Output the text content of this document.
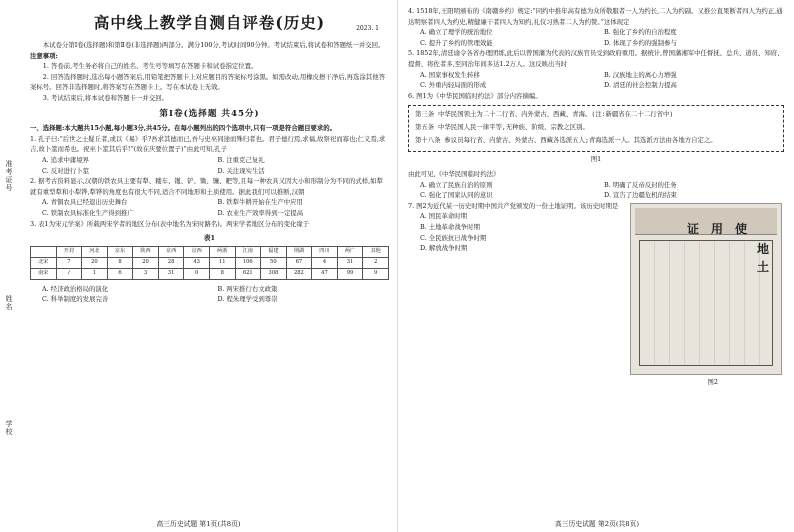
准考证号
姓名
学校
高中线上教学自测自评卷(历史)	2023. 1

本试卷分第Ⅰ卷(选择题)和第Ⅱ卷(非选择题)两部分。满分100分,考试时间90分钟。考试结束后,将试卷和答题纸一并交回。

注意事项:

1. 答卷前,考生务必将自己的姓名、考生号等填写在答题卡和试卷指定位置。

2. 回答选择题时,选出每小题答案后,用铅笔把答题卡上对应题目的答案标号涂黑。如需改动,用橡皮擦干净后,再选涂其他答案标号。回答非选择题时,将答案写在答题卡上。写在本试卷上无效。

3. 考试结束后,将本试卷和答题卡一并交回。

第Ⅰ卷(选择题 共45分)

一、选择题:本大题共15小题,每小题3分,共45分。在每小题列出的四个选项中,只有一项是符合题目要求的。

1. 孔子曰:“后世之士疑丘者,或以《易》乎?吾求其德而已,吾与史巫同途而殊归者也。君子德行焉,求福,故祭祀而寡也;仁义焉,求吉,故卜筮而希也。祝巫卜筮其后乎!”(故在庆要位置子)”由此可知,孔子

A. 追求中庸境界	B. 注重克己复礼

C. 反对进行卜筮	D. 关注现实生活

2. 据考古资料显示,汉朝的铁农具主要有犁、耧车、镬、铲、锄、镰、耙等,且每一种农具又因大小和形制分为不同的式样,如犁就有重型犁和小犁铧,犁铧的角度也有很大不同,适合不同地形和土质使用。据此我们可以推断,汉朝

A. 青铜农具已经退出历史舞台	B. 铁犁牛耕开始在生产中应用

C. 铁制农具标准化生产得到推广	D. 农业生产效率得到一定提高

3. 表1为宋元学案》所载两宋学者的地区分布(表中地名为宋时路名)。两宋学者地区分布的变化缘于

表1
	开封	河北	京东	陕西	京西	京西	两浙	江南	福建	荆湖	四川	两广	其他
北宋	7	20	8	20	28	43	11	106	50	67	4	31	2
南宋	/	1	6	3	31	0	8	621	308	282	47	99	9

A. 经济政治格局的演化	B. 两宋推行右文政策

C. 科举制度的发展完善	D. 程朱理学受到尊崇

高三历史试题 第1页(共8页)

4. 1518年,王阳明颁布的《南赣乡约》规定:“同约中推年高有德为众所敬服者一人为约长,二人为约副。又推公直果断者四人为约正,通达明察者四人为约史,精健廉干者四人为知约,礼仪习熟者二人为约赞。”这体现定

A. 确立了理学的统治地位	B. 强化了乡约的自治程度

C. 提升了乡约的管理效能	D. 体现了乡约的强制参与

5. 1852年,清廷谕令各省办理团练,此后以曾国藩为代表的汉族官员受到政府重用。据统计,曾国藩湘军中任督抚、总兵、道员、知府、提督、将佐者多,至同治年间多达1.2万人。这反映出当时

A. 国家事权发生转移	B. 汉族地主的离心力增强

C. 外重内轻局面的形成	D. 清廷的社会控制力提高

6. 图1为《中华民国临时约法》部分内容摘编。

第三条 中华民国领土为二十二行省、内外蒙古、西藏、青海。(注:新疆省在二十二行省中)

第五条 中华民国人民一律平等,无种族、阶级、宗教之区别。

第十八条 参议员每行省、内蒙古、外蒙古、西藏各选派五人;青海选派一人。其选派方法由各地方自定之。

图1

由此可见,《中华民国临时约法》

A. 确立了民族自治的原则	B. 明确了反帝反封的任务

C. 强化了国家认同的意识	D. 宣告了边疆危机的结束

7. 图2为近代某一历史时期中国共产党颁发的一份土地证明。该历史时期是

A. 国民革命时期

B. 土地革命战争时期

C. 全民族抗日战争时期

D. 解放战争时期	地
土
使
用
证
图2
高三历史试题 第2页(共8页)
